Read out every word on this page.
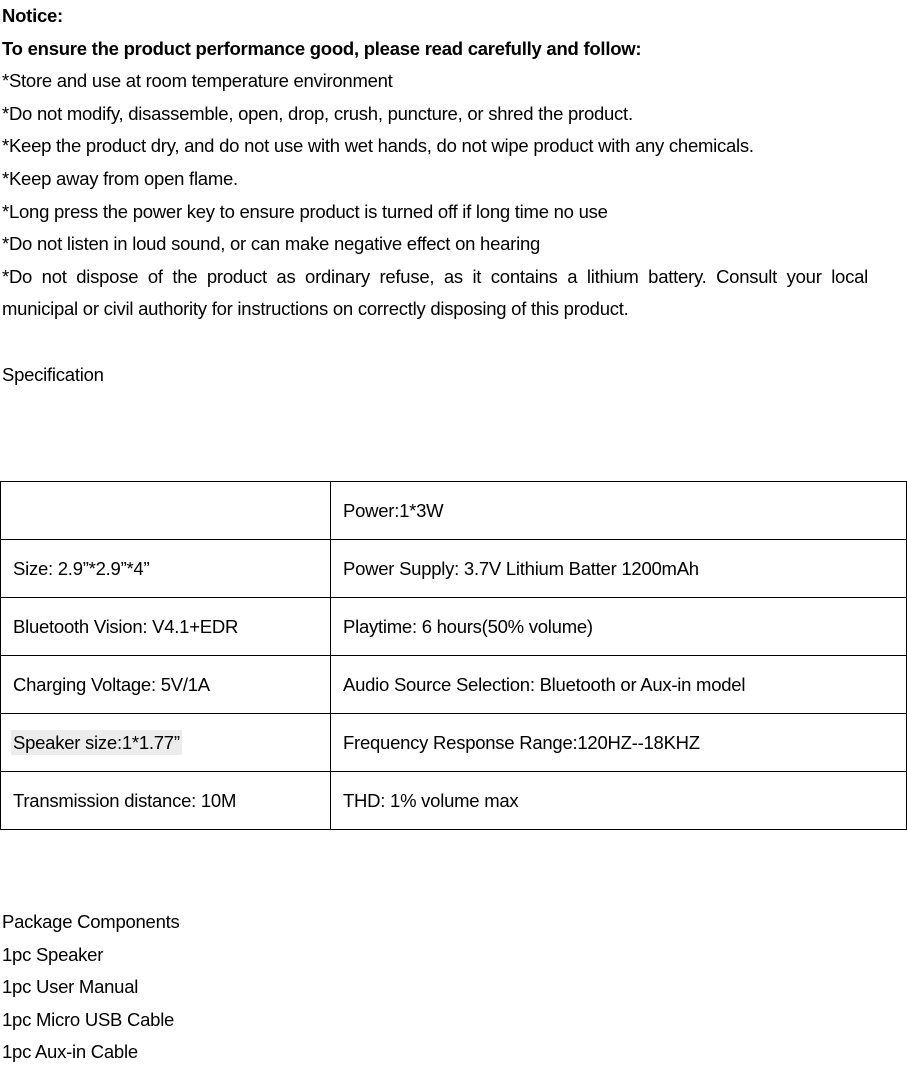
Notice:
To ensure the product performance good, please read carefully and follow:
*Store and use at room temperature environment
*Do not modify, disassemble, open, drop, crush, puncture, or shred the product.
*Keep the product dry, and do not use with wet hands, do not wipe product with any chemicals.
*Keep away from open flame.
*Long press the power key to ensure product is turned off if long time no use
*Do not listen in loud sound, or can make negative effect on hearing
*Do not dispose of the product as ordinary refuse, as it contains a lithium battery. Consult your local municipal or civil authority for instructions on correctly disposing of this product.
Specification
	Power:1*3W
Size: 2.9”*2.9”*4”	Power Supply: 3.7V Lithium Batter 1200mAh
Bluetooth Vision: V4.1+EDR	Playtime: 6 hours(50% volume)
Charging Voltage: 5V/1A	Audio Source Selection: Bluetooth or Aux-in model
Speaker size:1*1.77”	Frequency Response Range:120HZ--18KHZ
Transmission distance: 10M	THD: 1% volume max
Package Components
1pc Speaker
1pc User Manual
1pc Micro USB Cable
1pc Aux-in Cable
